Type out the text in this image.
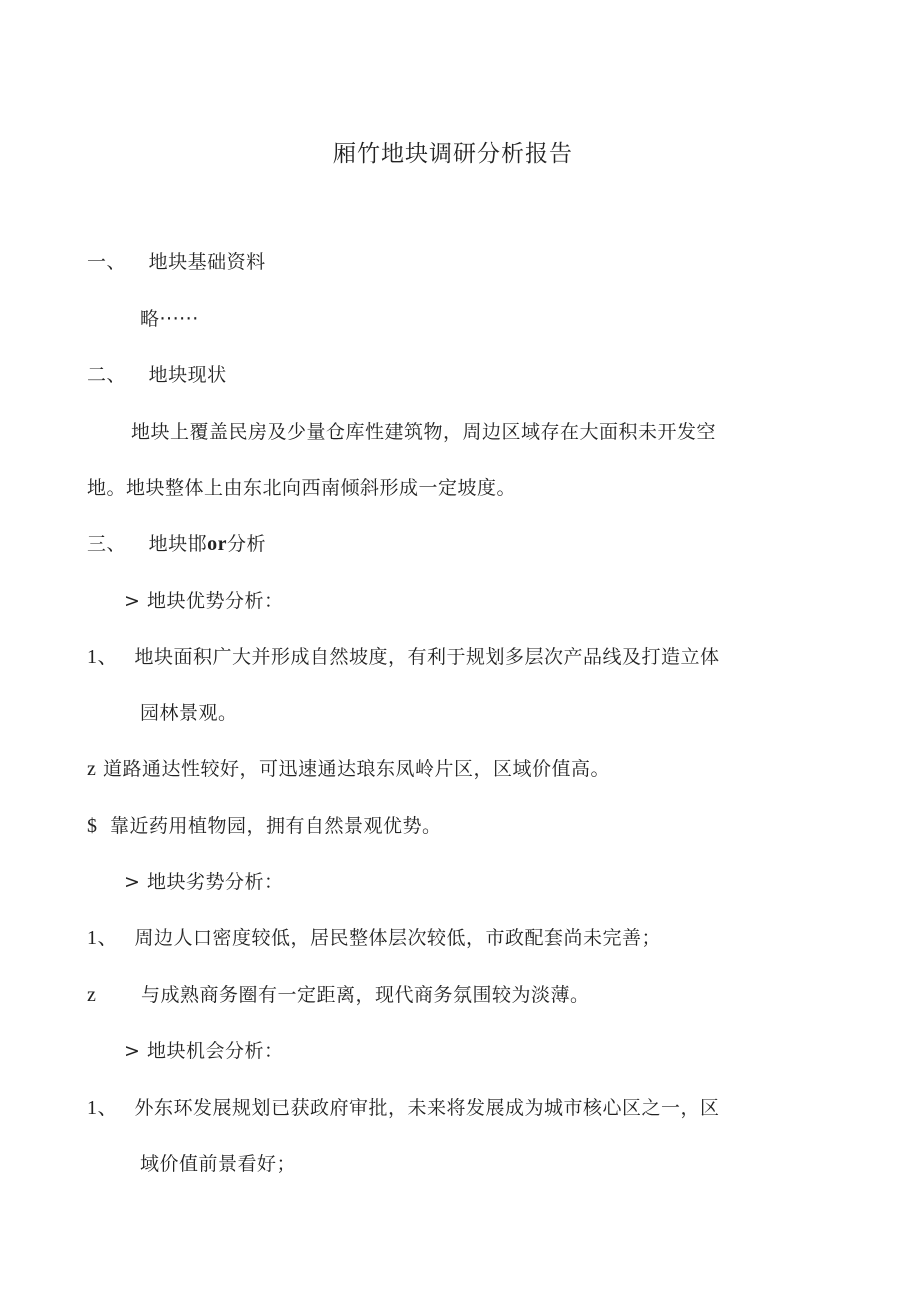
厢竹地块调研分析报告
一、 地块基础资料
略······
二、 地块现状
地块上覆盖民房及少量仓库性建筑物，周边区域存在大面积未开发空
地。地块整体上由东北向西南倾斜形成一定坡度。
三、 地块邯or分析
> 地块优势分析：
1、 地块面积广大并形成自然坡度，有利于规划多层次产品线及打造立体
园林景观。
z 道路通达性较好，可迅速通达琅东凤岭片区，区域价值高。
$ 靠近药用植物园，拥有自然景观优势。
> 地块劣势分析：
1、 周边人口密度较低，居民整体层次较低，市政配套尚未完善；
z 与成熟商务圈有一定距离，现代商务氛围较为淡薄。
> 地块机会分析：
1、 外东环发展规划已获政府审批，未来将发展成为城市核心区之一，区
域价值前景看好；
